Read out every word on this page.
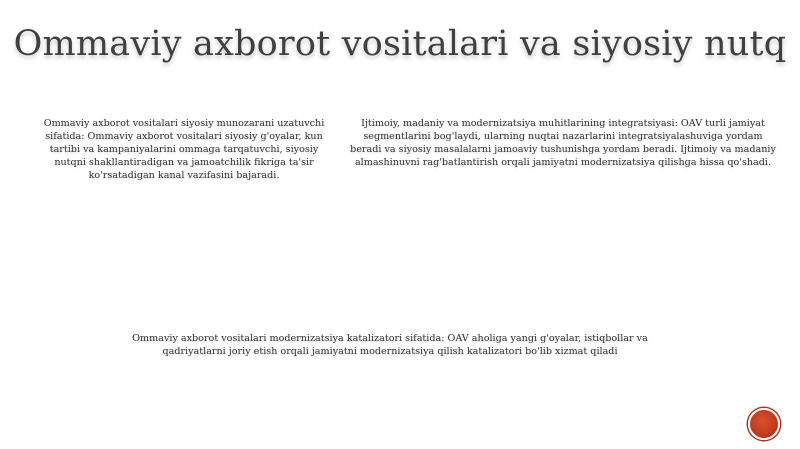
Ommaviy axborot vositalari va siyosiy nutq
Ommaviy axborot vositalari siyosiy munozarani uzatuvchi sifatida: Ommaviy axborot vositalari siyosiy g'oyalar, kun tartibi va kampaniyalarini ommaga tarqatuvchi, siyosiy nutqni shakllantiradigan va jamoatchilik fikriga ta'sir ko'rsatadigan kanal vazifasini bajaradi.
Ijtimoiy, madaniy va modernizatsiya muhitlarining integratsiyasi: OAV turli jamiyat segmentlarini bog'laydi, ularning nuqtai nazarlarini integratsiyalashuviga yordam beradi va siyosiy masalalarni jamoaviy tushunishga yordam beradi. Ijtimoiy va madaniy almashinuvni rag'batlantirish orqali jamiyatni modernizatsiya qilishga hissa qo'shadi.
Ommaviy axborot vositalari modernizatsiya katalizatori sifatida: OAV aholiga yangi g'oyalar, istiqbollar va qadriyatlarni joriy etish orqali jamiyatni modernizatsiya qilish katalizatori bo'lib xizmat qiladi
